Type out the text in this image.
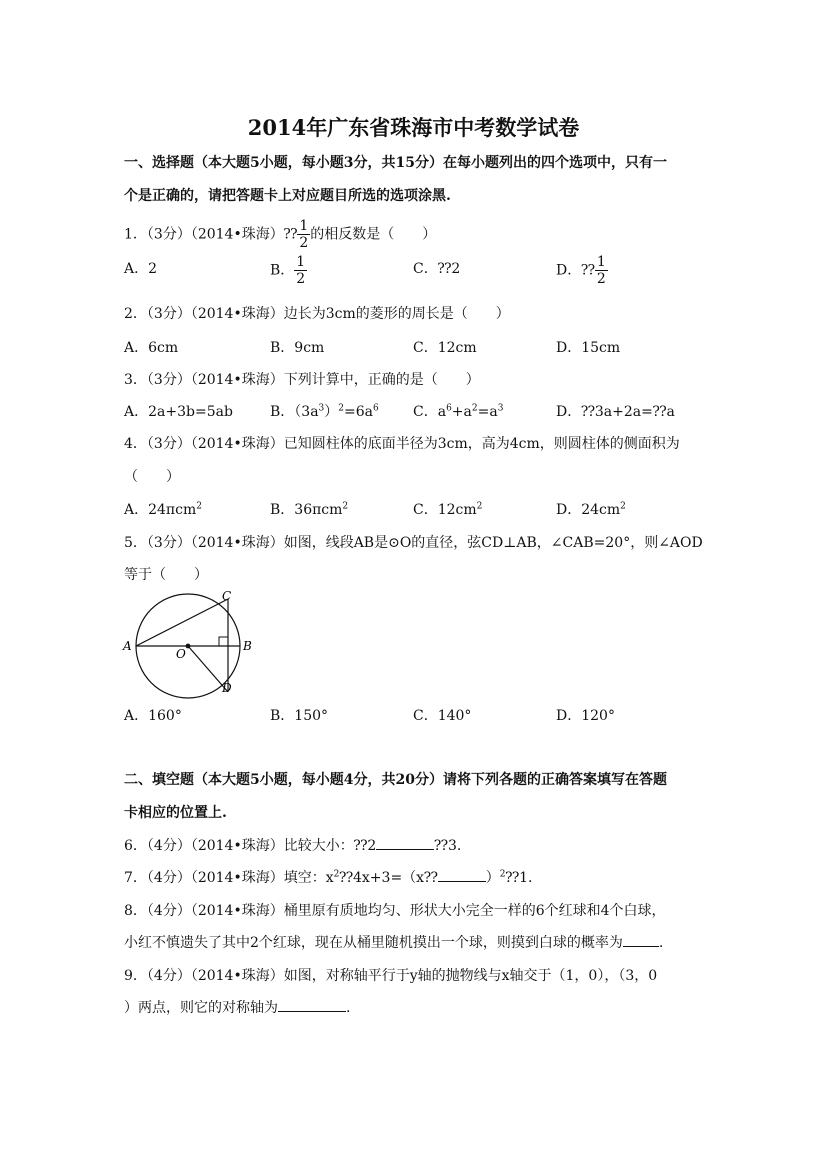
2014年广东省珠海市中考数学试卷
一、选择题（本大题5小题，每小题3分，共15分）在每小题列出的四个选项中，只有一
个是正确的，请把答题卡上对应题目所选的选项涂黑.
1．（3分）（2014•珠海）⁇ $\frac{1}{2}$ 的相反数是（　　）
A．2	B． $\frac{1}{2}$	C．⁇2	D．⁇ $\frac{1}{2}$
2．（3分）（2014•珠海）边长为3cm的菱形的周长是（　　）
A．6cm	B．9cm	C．12cm	D．15cm
3．（3分）（2014•珠海）下列计算中，正确的是（　　）
A．2a+3b=5ab	B．$(3a^3)^2=6a^6$ C．$a^6+a^2=a^3$	D．⁇3a+2a=⁇a
4．（3分）（2014•珠海）已知圆柱体的底面半径为3cm，高为4cm，则圆柱体的侧面积为
（　　）
A．24πcm$^2$	B．36πcm$^2$	C．$12cm^2$	D．$24cm^2$
5．（3分）（2014•珠海）如图，线段AB是⊙O的直径，弦CD⊥AB，∠CAB=20°，则∠AOD
等于（　　）
A	B
C
D
O
A．160°	B．150°	C．140°	D．120°
二、填空题（本大题5小题，每小题4分，共20分）请将下列各题的正确答案填写在答题
卡相应的位置上.
6．（4分）（2014•珠海）比较大小：⁇2	⁇3.
7．（4分）（2014•珠海）填空：$x^2⁇4x+3=(x⁇$	）$^2$⁇1.
8．（4分）（2014•珠海）桶里原有质地均匀、形状大小完全一样的6个红球和4个白球，
小红不慎遗失了其中2个红球，现在从桶里随机摸出一个球，则摸到白球的概率为	.
9．（4分）（2014•珠海）如图，对称轴平行于y轴的抛物线与x轴交于（1，0），（3，0
）两点，则它的对称轴为	.
